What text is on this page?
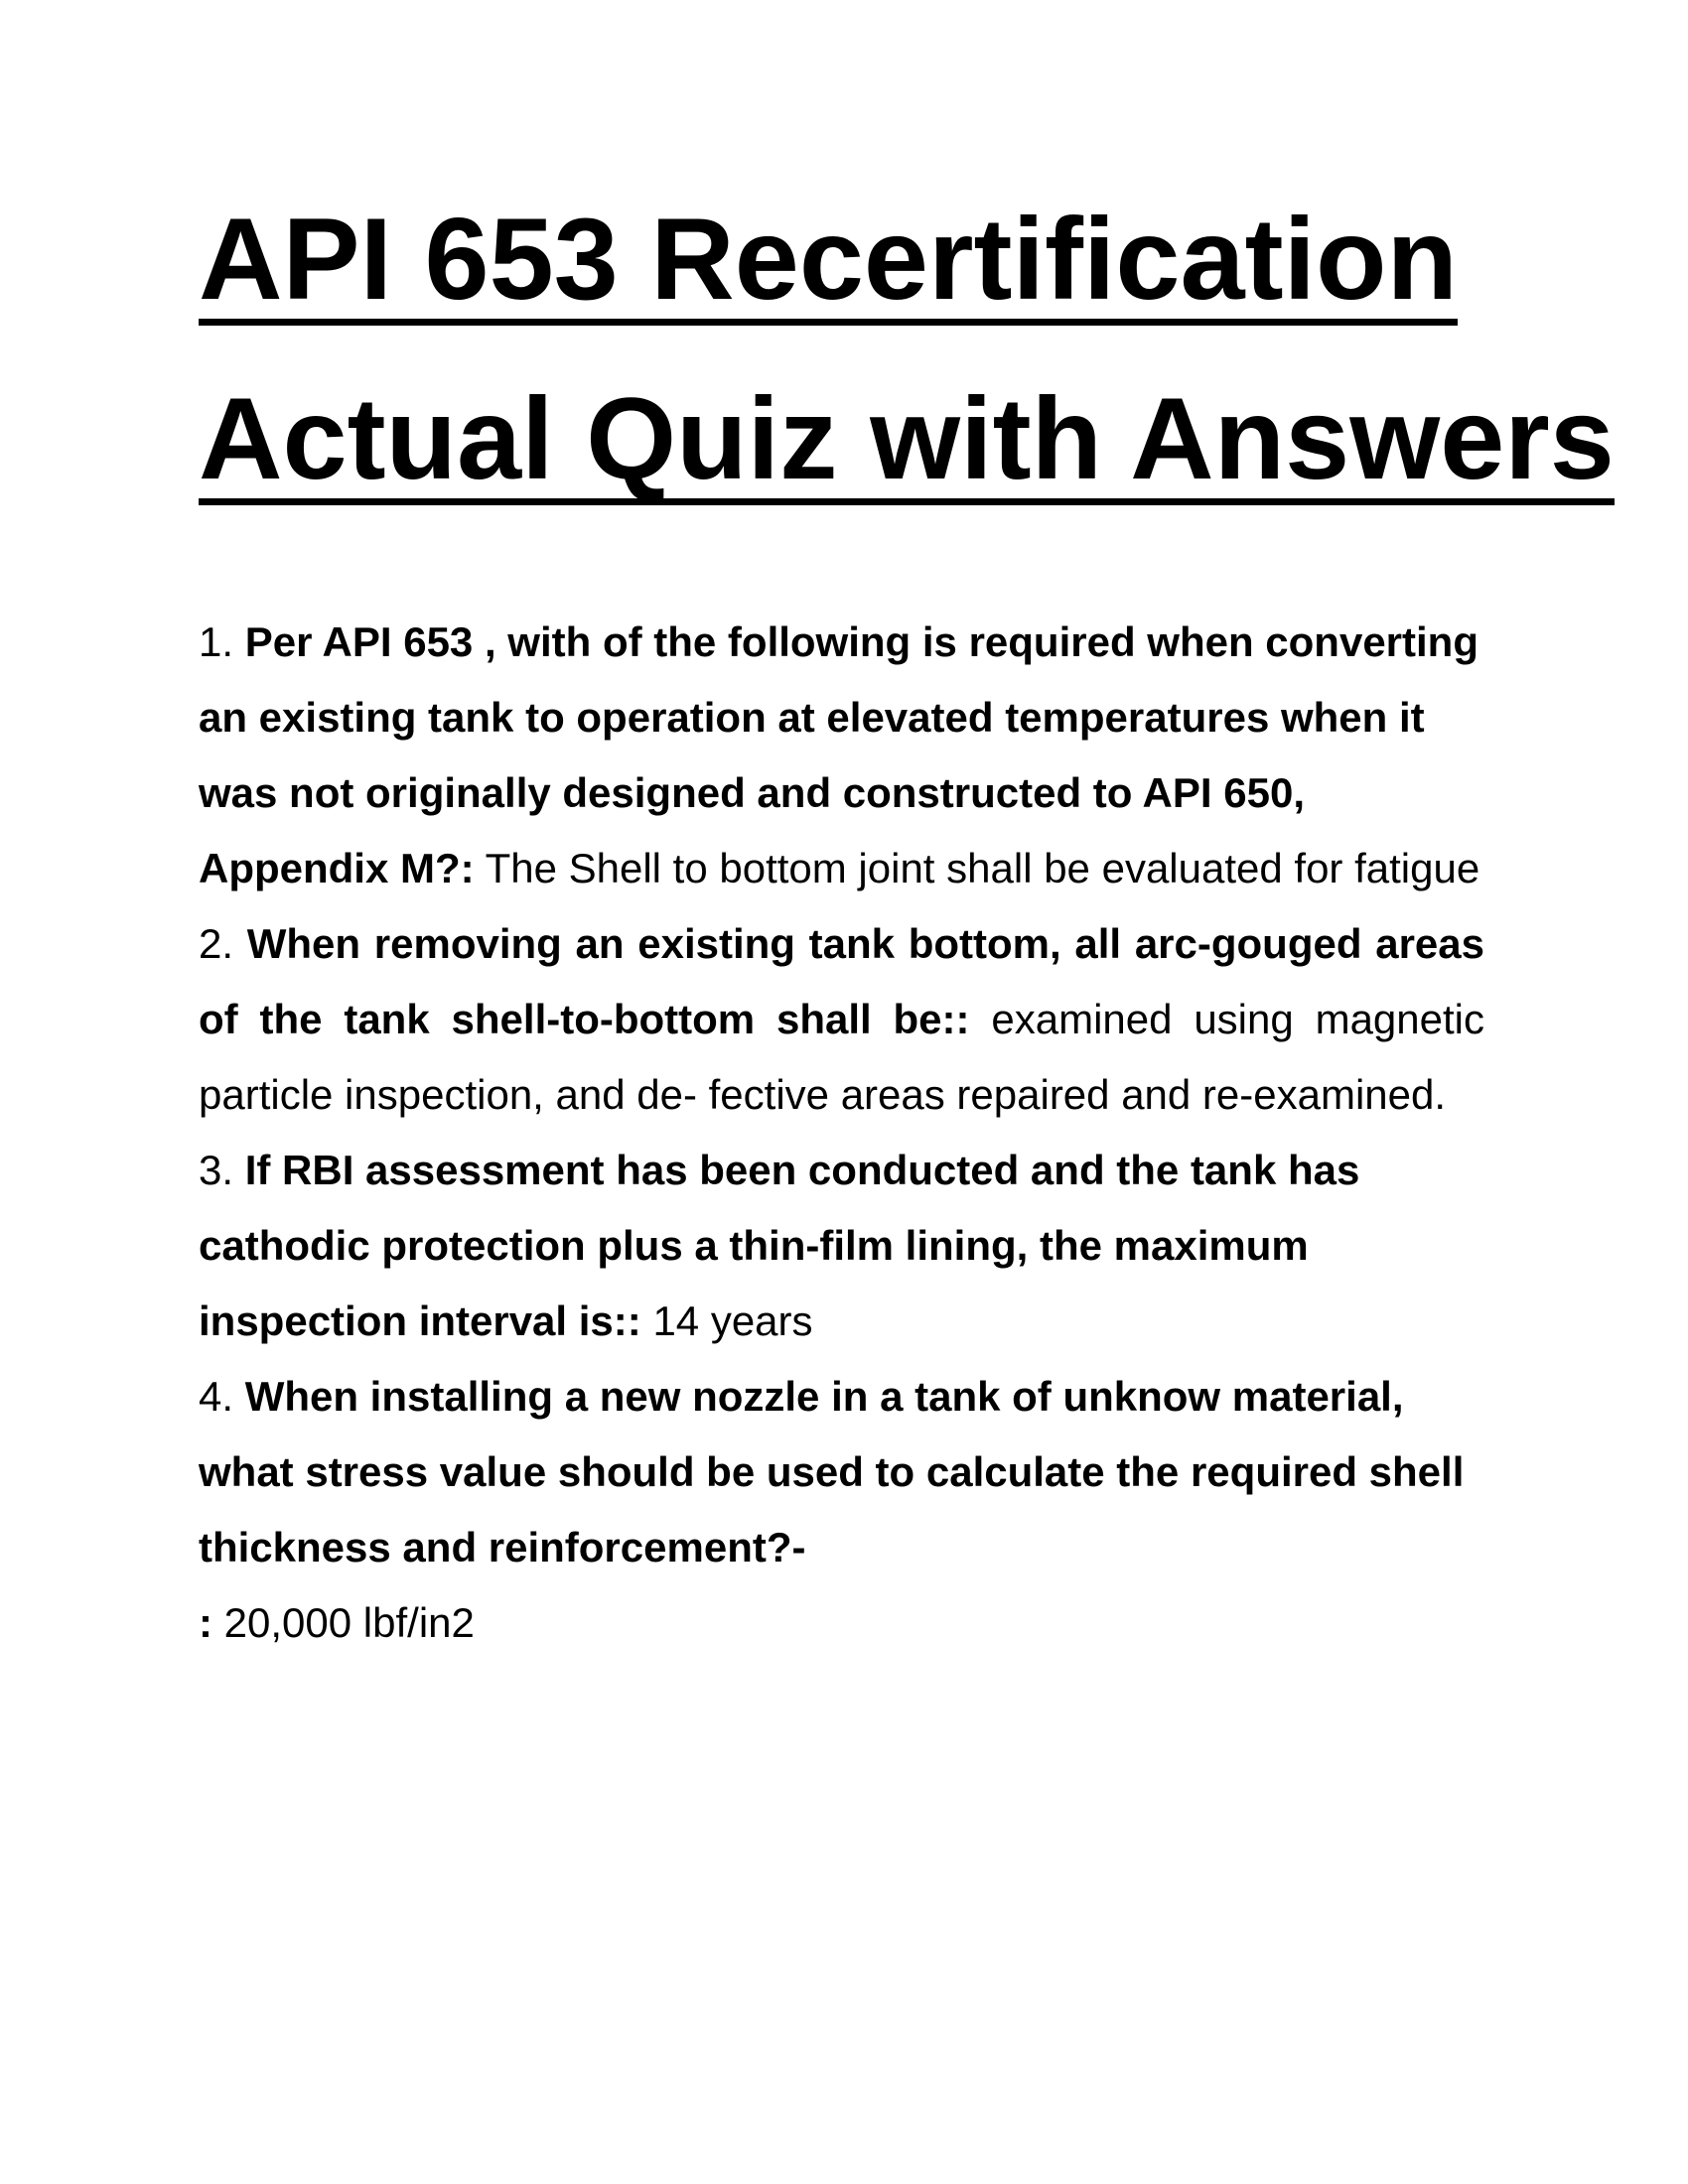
API 653 Recertification
Actual Quiz with Answers
1. Per API 653 , with of the following is required when converting an existing tank to operation at elevated temperatures when it was not originally designed and constructed to API 650, Appendix M?: The Shell to bottom joint shall be evaluated for fatigue
2. When removing an existing tank bottom, all arc-gouged areas of the tank shell-to-bottom shall be:: examined using magnetic particle inspection, and de- fective areas repaired and re-examined.
3. If RBI assessment has been conducted and the tank has cathodic protection plus a thin-film lining, the maximum inspection interval is:: 14 years
4. When installing a new nozzle in a tank of unknow material, what stress value should be used to calculate the required shell thickness and reinforcement?-
: 20,000 lbf/in2
